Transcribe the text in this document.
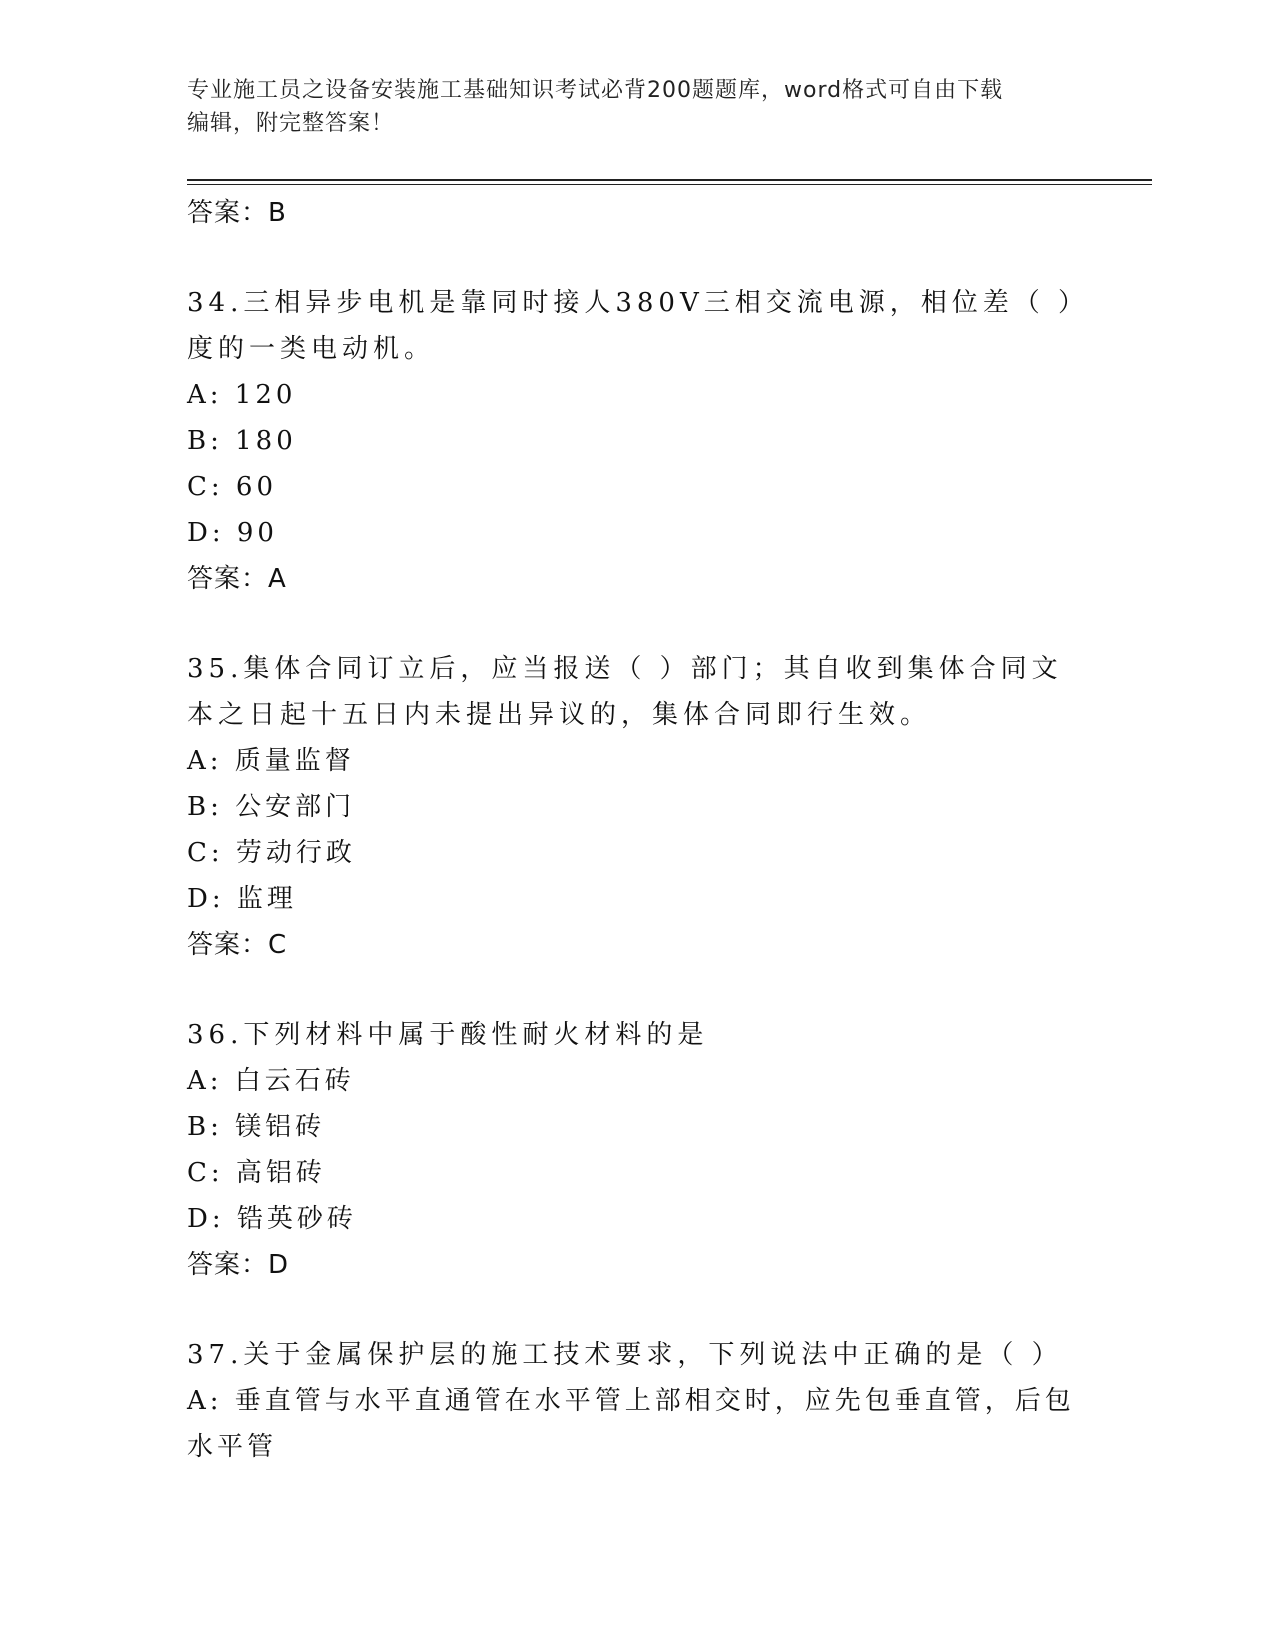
专业施工员之设备安装施工基础知识考试必背200题题库，word格式可自由下载
编辑，附完整答案！
答案：B
34.三相异步电机是靠同时接人380V三相交流电源，相位差（ ）度的一类电动机。
A: 120
B: 180
C: 60
D: 90
答案：A
35.集体合同订立后，应当报送（ ）部门；其自收到集体合同文本之日起十五日内未提出异议的，集体合同即行生效。
A: 质量监督
B: 公安部门
C: 劳动行政
D: 监理
答案：C
36.下列材料中属于酸性耐火材料的是
A: 白云石砖
B: 镁铝砖
C: 高铝砖
D: 锆英砂砖
答案：D
37.关于金属保护层的施工技术要求，下列说法中正确的是（ ）
A: 垂直管与水平直通管在水平管上部相交时，应先包垂直管，后包水平管
